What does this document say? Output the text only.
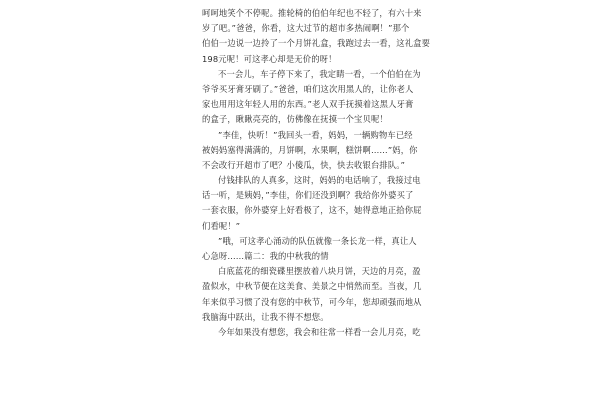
呵呵地笑个不停呢。推轮椅的伯伯年纪也不轻了，有六十来
岁了吧。”爸爸，你看，这大过节的超市多热闹啊！”那个
伯伯一边说一边拎了一个月饼礼盒，我跑过去一看，这礼盒要
198元呢！可这孝心却是无价的呀！
不一会儿，车子停下来了，我定睛一看，一个伯伯在为
爷爷买牙膏牙刷了。”爸爸，咱们这次用黑人的，让你老人
家也用用这年轻人用的东西。”老人双手抚摸着这黑人牙膏
的盒子，瞅瞅亮亮的，仿佛像在抚摸一个宝贝呢！
”李佳，快听！”我回头一看，妈妈，一辆购物车已经
被妈妈塞得满满的，月饼啊，水果啊，糕饼啊……”妈，你
不会改行开超市了吧？小傻瓜，快，快去收银台排队。”
付钱排队的人真多，这时，妈妈的电话响了，我接过电
话一听，是姨妈，”李佳，你们还没到啊？我给你外婆买了
一套衣服，你外婆穿上好看极了，这不，她得意地正拾你屁
们看呢！”
”哦，可这孝心涌动的队伍就像一条长龙一样，真让人
心急呀……篇二：我的中秋我的情
白底蓝花的细瓷碟里摆放着八块月饼，天边的月亮，盈
盈似水，中秋节便在这美食、美景之中悄然而至。当夜，几
年来似乎习惯了没有您的中秋节，可今年，您却顽强而地从
我脑海中跃出，让我不得不想您。
今年如果没有想您，我会和往常一样看一会儿月亮，吃
